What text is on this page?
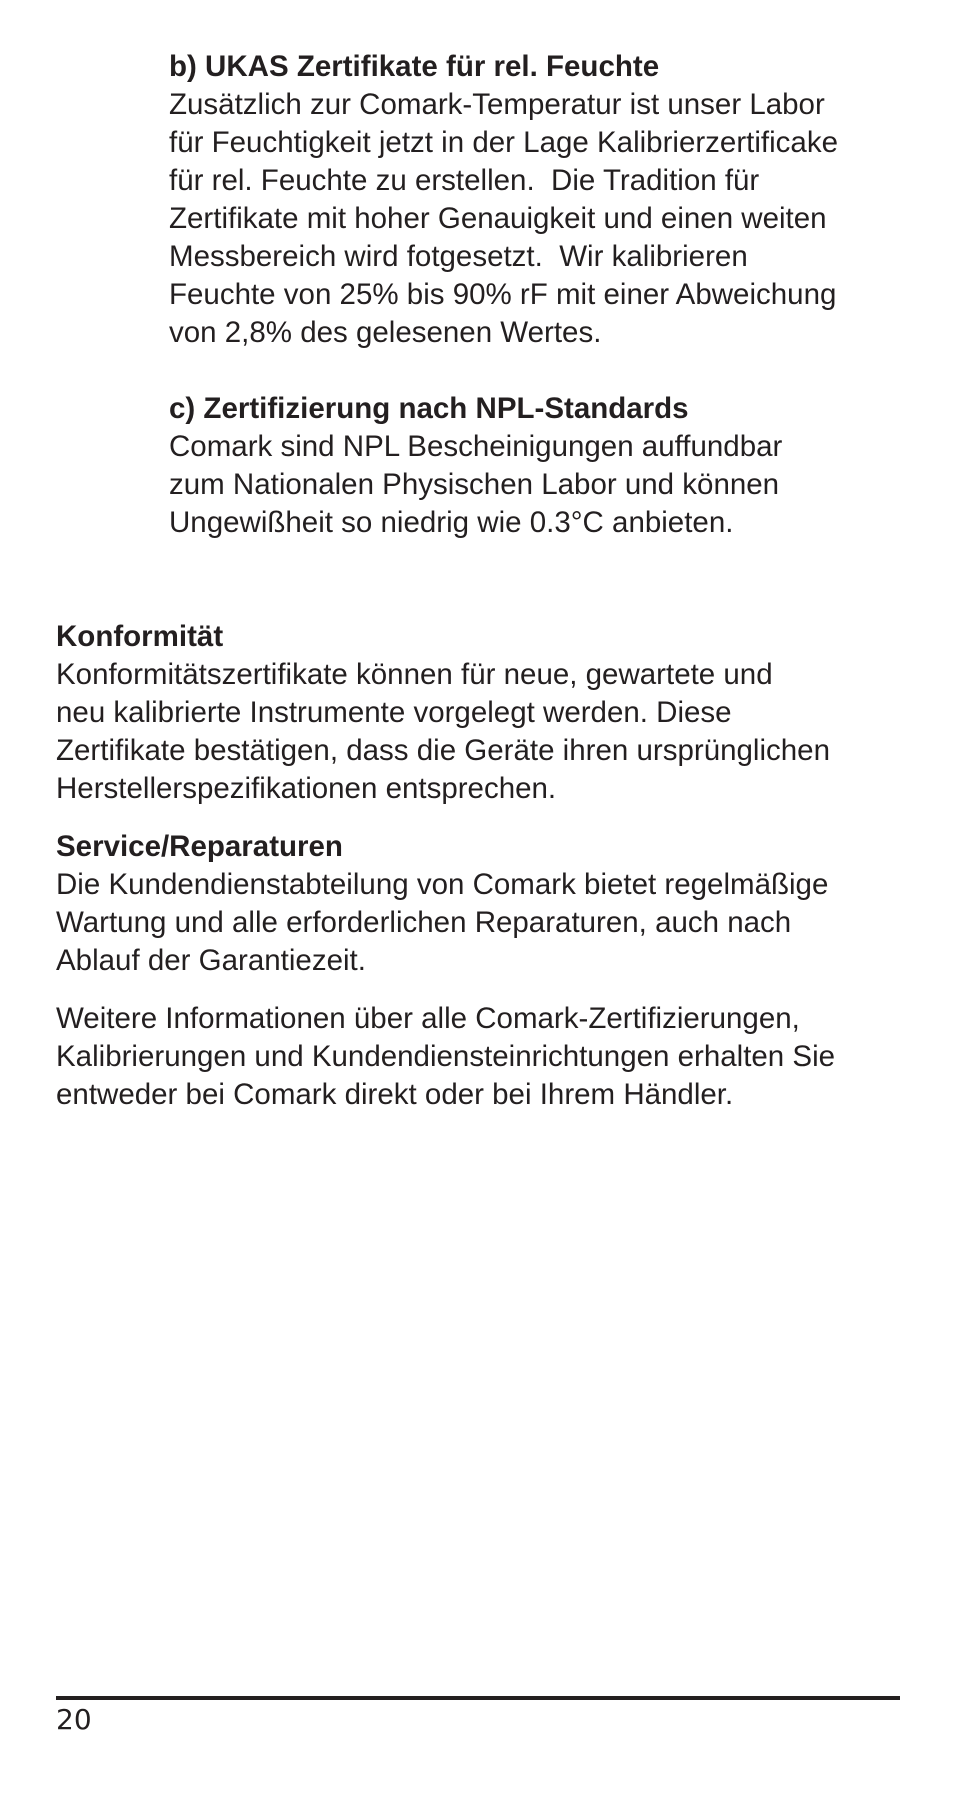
b) UKAS Zertifikate für rel. Feuchte

Zusätzlich zur Comark-Temperatur ist unser Labor
für Feuchtigkeit jetzt in der Lage Kalibrierzertificake
für rel. Feuchte zu erstellen.  Die Tradition für
Zertifikate mit hoher Genauigkeit und einen weiten
Messbereich wird fotgesetzt.  Wir kalibrieren
Feuchte von 25% bis 90% rF mit einer Abweichung
von 2,8% des gelesenen Wertes.

c) Zertifizierung nach NPL-Standards

Comark sind NPL Bescheinigungen auffundbar
zum Nationalen Physischen Labor und können
Ungewißheit so niedrig wie 0.3°C anbieten.

Konformität

Konformitätszertifikate können für neue, gewartete und
neu kalibrierte Instrumente vorgelegt werden. Diese
Zertifikate bestätigen, dass die Geräte ihren ursprünglichen
Herstellerspezifikationen entsprechen.

Service/Reparaturen

Die Kundendienstabteilung von Comark bietet regelmäßige
Wartung und alle erforderlichen Reparaturen, auch nach
Ablauf der Garantiezeit.

Weitere Informationen über alle Comark-Zertifizierungen,
Kalibrierungen und Kundendiensteinrichtungen erhalten Sie
entweder bei Comark direkt oder bei Ihrem Händler.

20
